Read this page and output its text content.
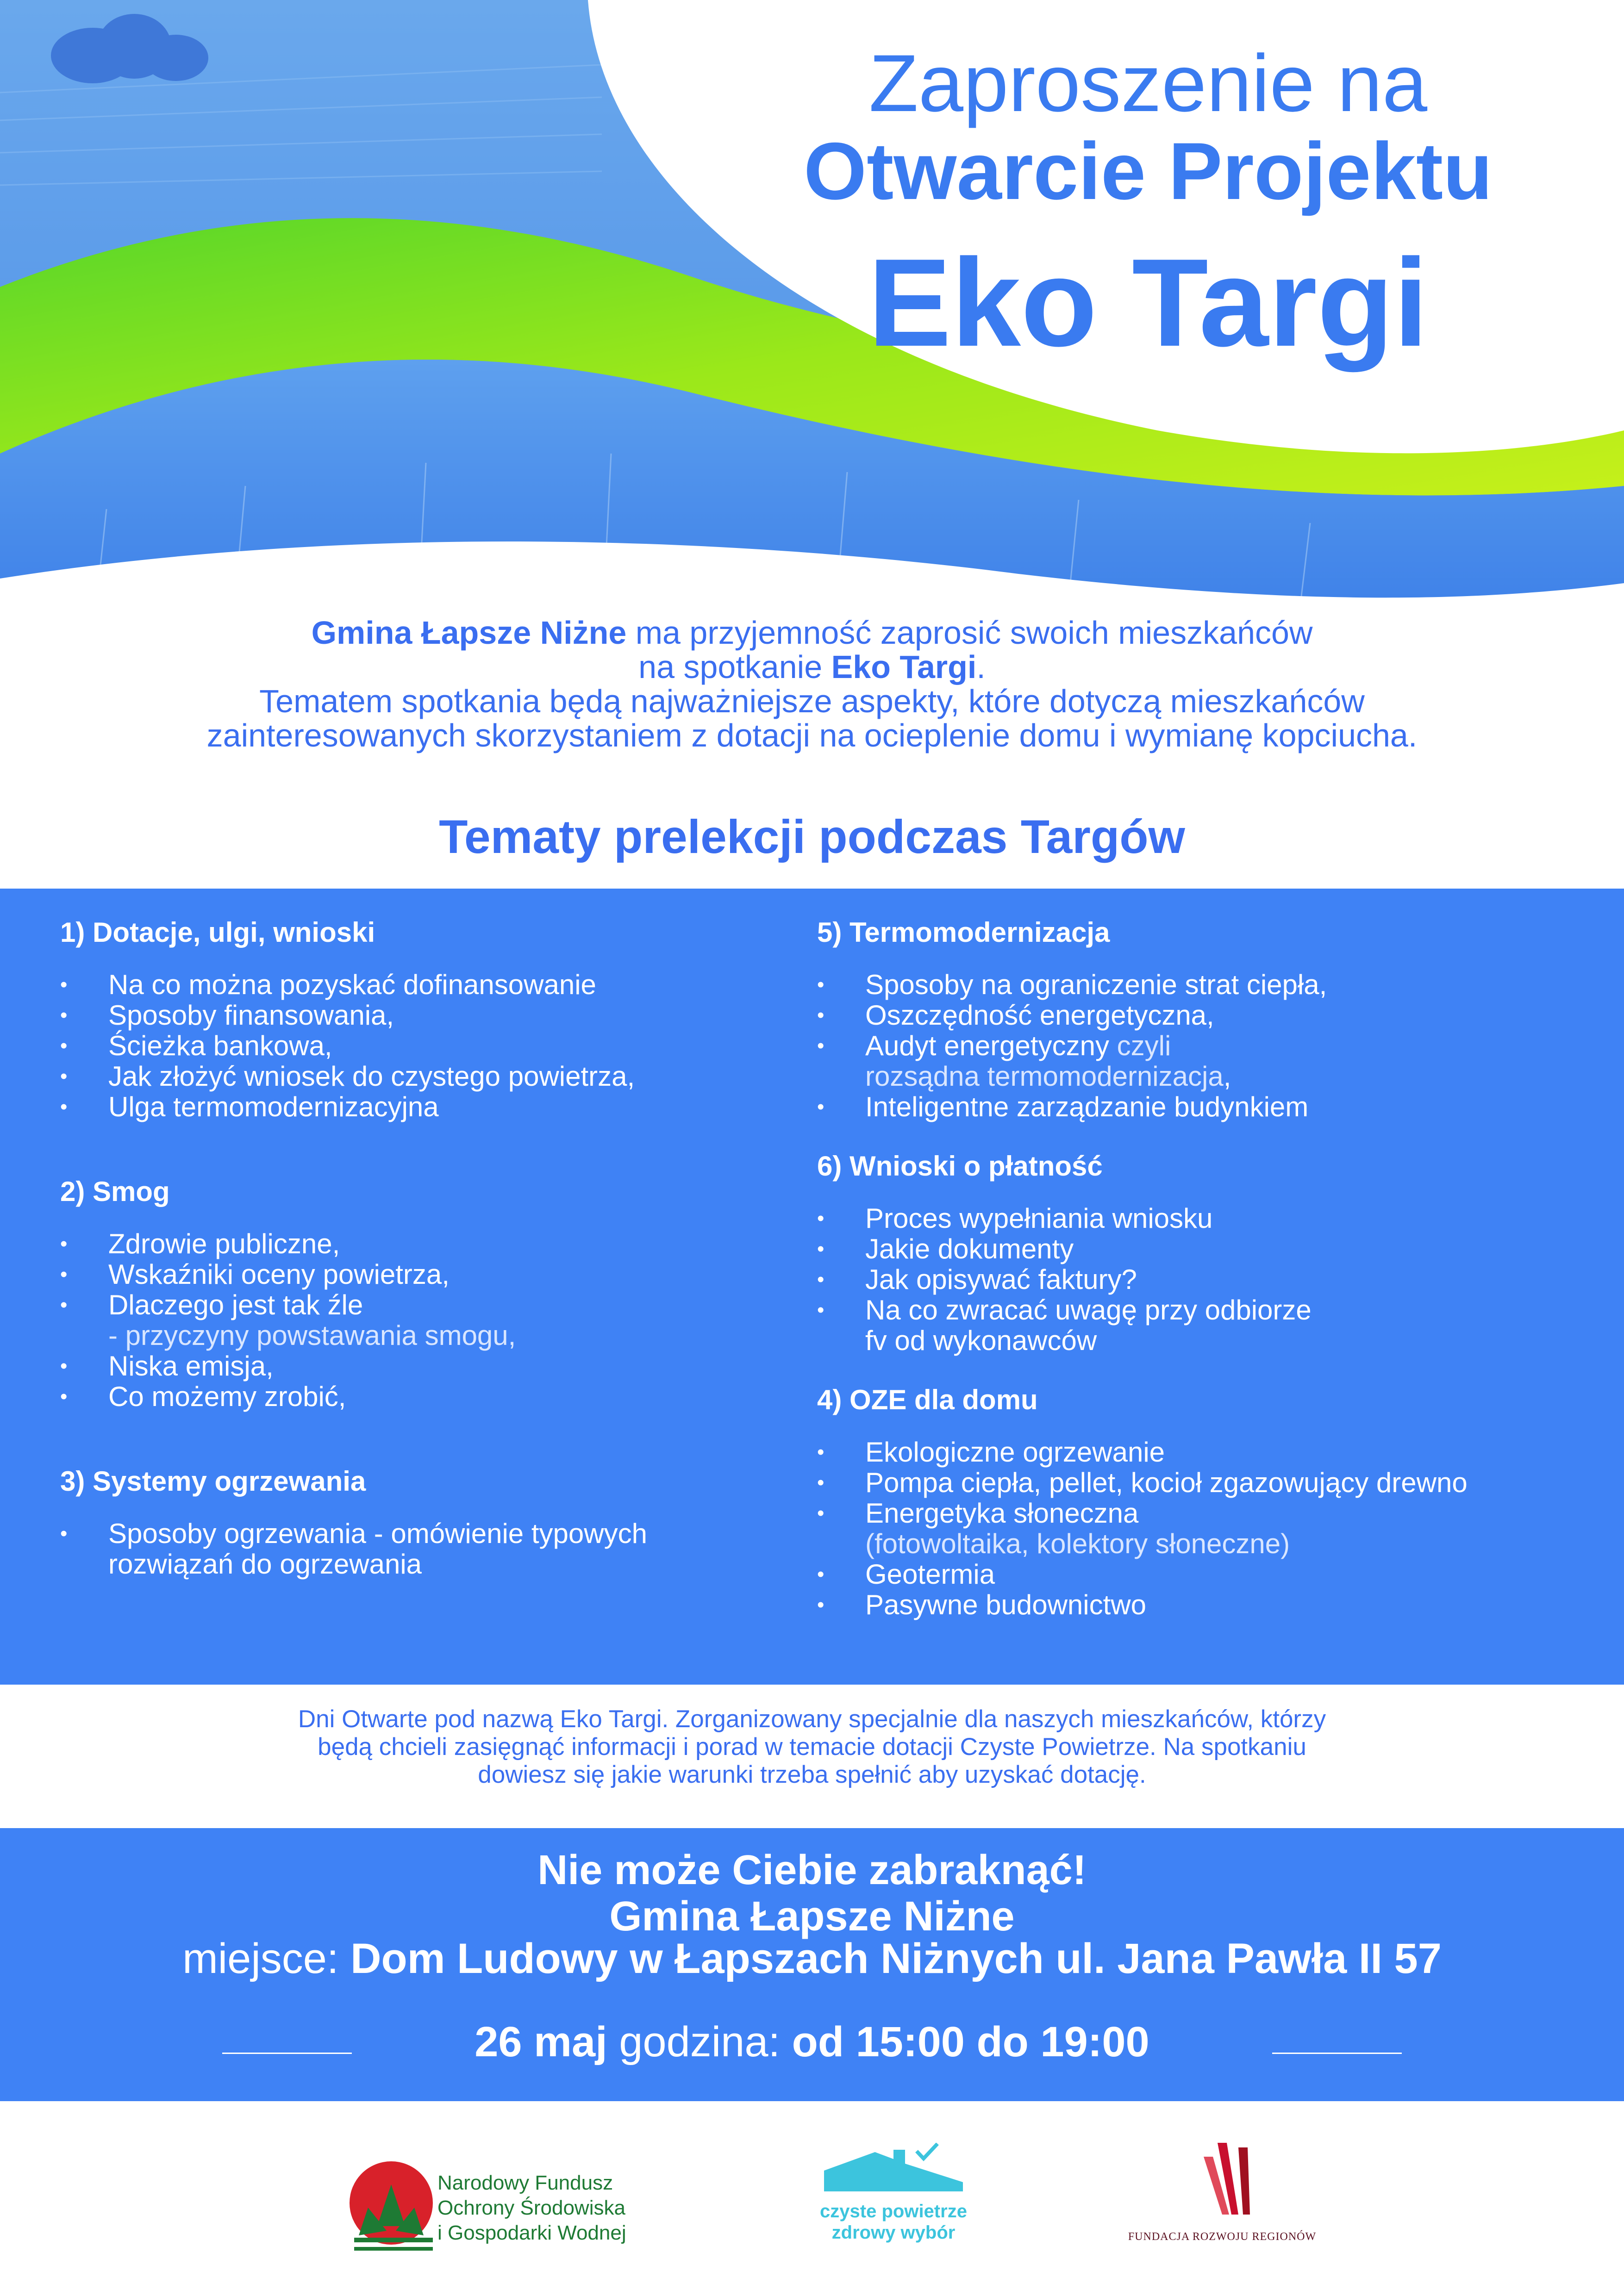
Zaproszenie na
Otwarcie Projektu
Eko Targi
Gmina Łapsze Niżne ma przyjemność zaprosić swoich mieszkańców
na spotkanie Eko Targi.
Tematem spotkania będą najważniejsze aspekty, które dotyczą mieszkańców
zainteresowanych skorzystaniem z dotacji na ocieplenie domu i wymianę kopciucha.
Tematy prelekcji podczas Targów
1) Dotacje, ulgi, wnioski
• Na co można pozyskać dofinansowanie
• Sposoby finansowania,
• Ścieżka bankowa,
• Jak złożyć wniosek do czystego powietrza,
• Ulga termomodernizacyjna
2) Smog
• Zdrowie publiczne,
• Wskaźniki oceny powietrza,
• Dlaczego jest tak źle
- przyczyny powstawania smogu,
• Niska emisja,
• Co możemy zrobić,
3) Systemy ogrzewania
• Sposoby ogrzewania - omówienie typowych
rozwiązań do ogrzewania
5) Termomodernizacja
• Sposoby na ograniczenie strat ciepła,
• Oszczędność energetyczna,
• Audyt energetyczny czyli
rozsądna termomodernizacja,
• Inteligentne zarządzanie budynkiem
6) Wnioski o płatność
• Proces wypełniania wniosku
• Jakie dokumenty
• Jak opisywać faktury?
• Na co zwracać uwagę przy odbiorze
fv od wykonawców
4) OZE dla domu
• Ekologiczne ogrzewanie
• Pompa ciepła, pellet, kocioł zgazowujący drewno
• Energetyka słoneczna
(fotowoltaika, kolektory słoneczne)
• Geotermia
• Pasywne budownictwo
Dni Otwarte pod nazwą Eko Targi. Zorganizowany specjalnie dla naszych mieszkańców, którzy
będą chcieli zasięgnąć informacji i porad w temacie dotacji Czyste Powietrze. Na spotkaniu
dowiesz się jakie warunki trzeba spełnić aby uzyskać dotację.
Nie może Ciebie zabraknąć!
Gmina Łapsze Niżne
miejsce: Dom Ludowy w Łapszach Niżnych ul. Jana Pawła II 57
26 maj godzina: od 15:00 do 19:00
Narodowy Fundusz
Ochrony Środowiska
i Gospodarki Wodnej
czyste powietrze
zdrowy wybór	FUNDACJA ROZWOJU REGIONÓW
